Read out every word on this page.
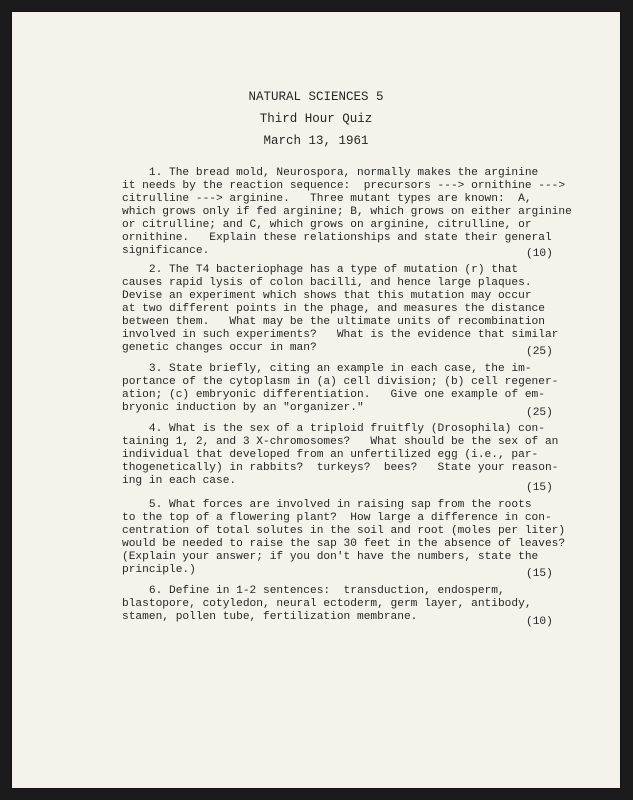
NATURAL SCIENCES 5
Third Hour Quiz
March 13, 1961
1. The bread mold, Neurospora, normally makes the arginine
it needs by the reaction sequence:  precursors ---> ornithine --->
citrulline ---> arginine.   Three mutant types are known:  A,
which grows only if fed arginine; B, which grows on either arginine
or citrulline; and C, which grows on arginine, citrulline, or
ornithine.   Explain these relationships and state their general
significance.	(10)
2. The T4 bacteriophage has a type of mutation (r) that
causes rapid lysis of colon bacilli, and hence large plaques.
Devise an experiment which shows that this mutation may occur
at two different points in the phage, and measures the distance
between them.   What may be the ultimate units of recombination
involved in such experiments?   What is the evidence that similar
genetic changes occur in man?	(25)
3. State briefly, citing an example in each case, the im-
portance of the cytoplasm in (a) cell division; (b) cell regener-
ation; (c) embryonic differentiation.   Give one example of em-
bryonic induction by an "organizer."	(25)
4. What is the sex of a triploid fruitfly (Drosophila) con-
taining 1, 2, and 3 X-chromosomes?   What should be the sex of an
individual that developed from an unfertilized egg (i.e., par-
thogenetically) in rabbits?  turkeys?  bees?   State your reason-
ing in each case.
(15)
5. What forces are involved in raising sap from the roots
to the top of a flowering plant?  How large a difference in con-
centration of total solutes in the soil and root (moles per liter)
would be needed to raise the sap 30 feet in the absence of leaves?
(Explain your answer; if you don't have the numbers, state the
principle.)	(15)
6. Define in 1-2 sentences:  transduction, endosperm,
blastopore, cotyledon, neural ectoderm, germ layer, antibody,
stamen, pollen tube, fertilization membrane.	(10)
